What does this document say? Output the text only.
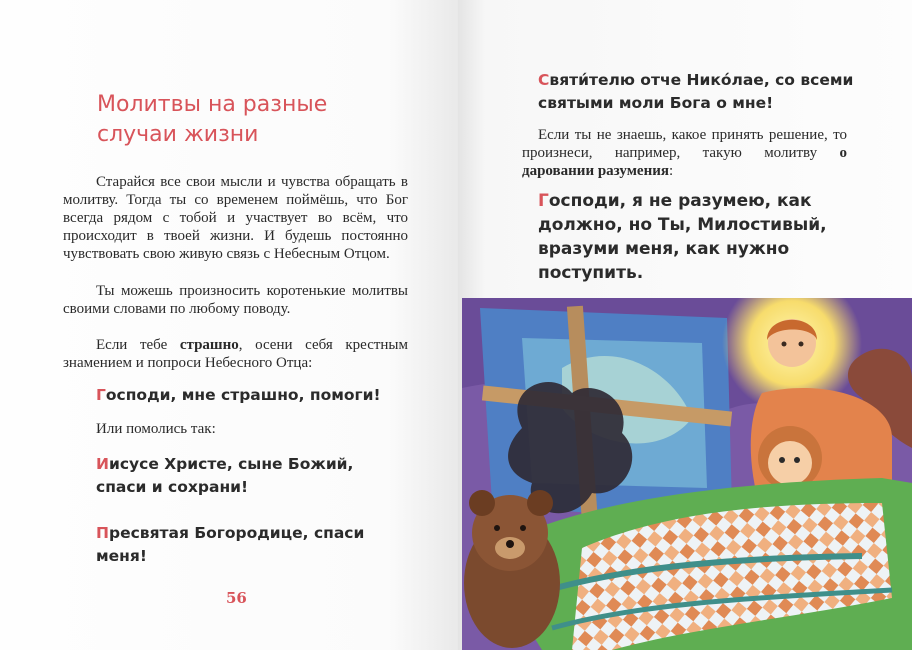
Молитвы на разные случаи жизни

Старайся все свои мысли и чувства обращать в молитву. Тогда ты со временем поймёшь, что Бог всегда рядом с тобой и участвует во всём, что происходит в твоей жизни. И будешь постоянно чувствовать свою живую связь с Небесным Отцом.

Ты можешь произносить коротенькие молитвы своими словами по любому поводу.

Если тебе страшно, осени себя крестным знамением и попроси Небесного Отца:

Господи, мне страшно, помоги!

Или помолись так:

Иисусе Христе, сыне Божий, спаси и сохрани!

Пресвятая Богородице, спаси меня!

56

Святи́телю отче Нико́лае, со всеми святыми моли Бога о мне!

Если ты не знаешь, какое принять решение, то произнеси, например, такую молитву о даровании разумения:

Господи, я не разумею, как должно, но Ты, Милостивый, вразуми меня, как нужно поступить.
